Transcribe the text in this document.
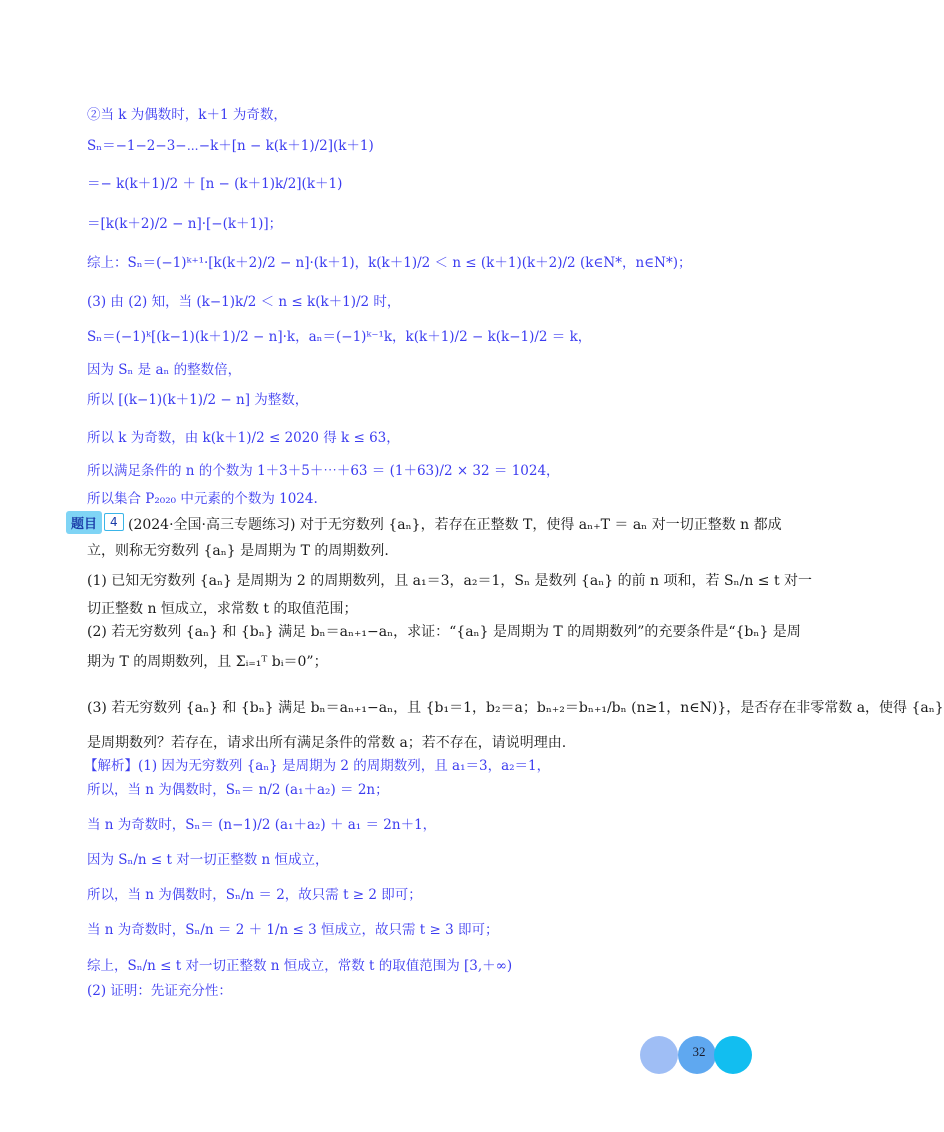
②当 k 为偶数时，k＋1 为奇数，
Sₙ＝−1−2−3−⋯−k＋[n − k(k＋1)/2](k＋1)
＝− k(k＋1)/2 ＋ [n − (k＋1)k/2](k＋1)
＝[k(k＋2)/2 − n]·[−(k＋1)]；
综上：Sₙ＝(−1)ᵏ⁺¹·[k(k＋2)/2 − n]·(k＋1)，k(k＋1)/2 ＜ n ≤ (k＋1)(k＋2)/2 (k∈N*，n∈N*)；
(3) 由 (2) 知，当 (k−1)k/2 ＜ n ≤ k(k＋1)/2 时，
Sₙ＝(−1)ᵏ[(k−1)(k＋1)/2 − n]·k，aₙ＝(−1)ᵏ⁻¹k，k(k＋1)/2 − k(k−1)/2 ＝ k，
因为 Sₙ 是 aₙ 的整数倍，
所以 [(k−1)(k＋1)/2 − n] 为整数，
所以 k 为奇数，由 k(k＋1)/2 ≤ 2020 得 k ≤ 63，
所以满足条件的 n 的个数为 1＋3＋5＋⋯＋63 ＝ (1＋63)/2 × 32 ＝ 1024，
所以集合 P₂₀₂₀ 中元素的个数为 1024.
题目	4 (2024·全国·高三专题练习) 对于无穷数列 {aₙ}，若存在正整数 T，使得 aₙ₊T ＝ aₙ 对一切正整数 n 都成
立，则称无穷数列 {aₙ} 是周期为 T 的周期数列.
(1) 已知无穷数列 {aₙ} 是周期为 2 的周期数列，且 a₁＝3，a₂＝1，Sₙ 是数列 {aₙ} 的前 n 项和，若 Sₙ/n ≤ t 对一
切正整数 n 恒成立，求常数 t 的取值范围；
(2) 若无穷数列 {aₙ} 和 {bₙ} 满足 bₙ＝aₙ₊₁−aₙ，求证：“{aₙ} 是周期为 T 的周期数列”的充要条件是“{bₙ} 是周
期为 T 的周期数列，且 Σᵢ₌₁ᵀ bᵢ＝0”；
(3) 若无穷数列 {aₙ} 和 {bₙ} 满足 bₙ＝aₙ₊₁−aₙ，且 {b₁＝1，b₂＝a；bₙ₊₂＝bₙ₊₁/bₙ (n≥1，n∈N)}，是否存在非零常数 a，使得 {aₙ}
是周期数列？若存在，请求出所有满足条件的常数 a；若不存在，请说明理由.
【解析】(1) 因为无穷数列 {aₙ} 是周期为 2 的周期数列，且 a₁＝3，a₂＝1，
所以，当 n 为偶数时，Sₙ＝ n/2 (a₁＋a₂) ＝ 2n；
当 n 为奇数时，Sₙ＝ (n−1)/2 (a₁＋a₂) ＋ a₁ ＝ 2n＋1，
因为 Sₙ/n ≤ t 对一切正整数 n 恒成立，
所以，当 n 为偶数时，Sₙ/n ＝ 2，故只需 t ≥ 2 即可；
当 n 为奇数时，Sₙ/n ＝ 2 ＋ 1/n ≤ 3 恒成立，故只需 t ≥ 3 即可；
综上，Sₙ/n ≤ t 对一切正整数 n 恒成立，常数 t 的取值范围为 [3,＋∞)
(2) 证明：先证充分性：
32
